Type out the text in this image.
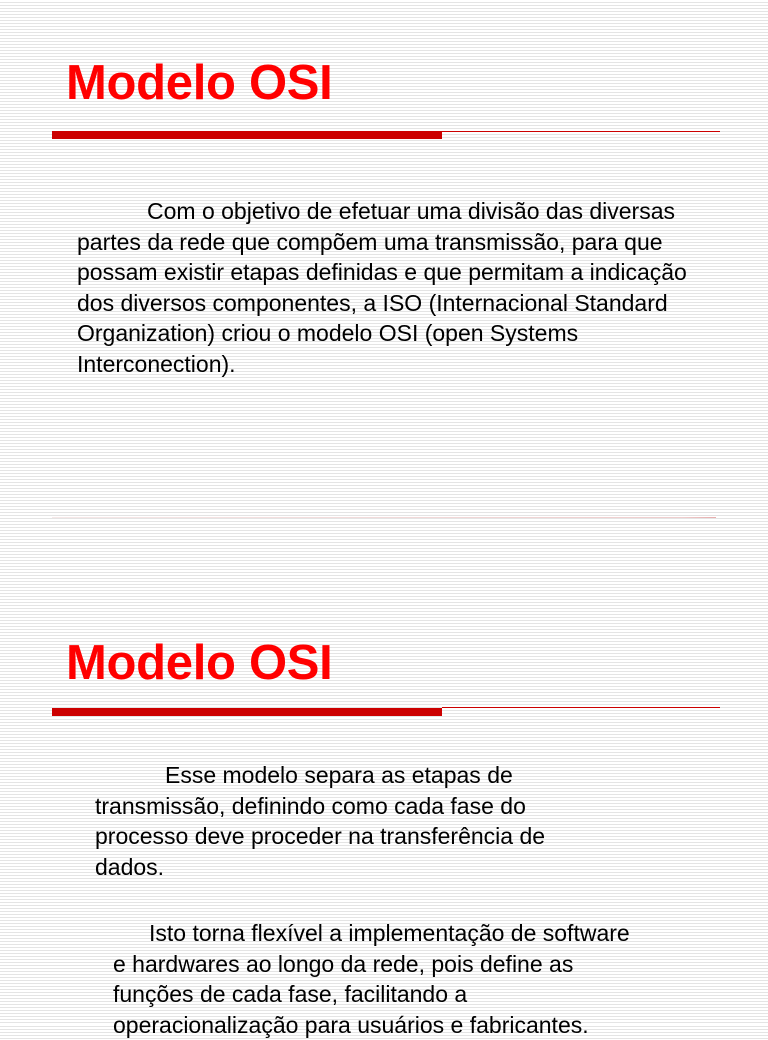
Modelo OSI

Com o objetivo de efetuar uma divisão das diversas partes da rede que compõem uma transmissão, para que possam existir etapas definidas e que permitam a indicação dos diversos componentes, a ISO (Internacional Standard Organization) criou o modelo OSI (open Systems Interconection).

Modelo OSI

Esse modelo separa as etapas de transmissão, definindo como cada fase do processo deve proceder na transferência de dados.

Isto torna flexível a implementação de software e hardwares ao longo da rede, pois define as funções de cada fase, facilitando a operacionalização para usuários e fabricantes.
